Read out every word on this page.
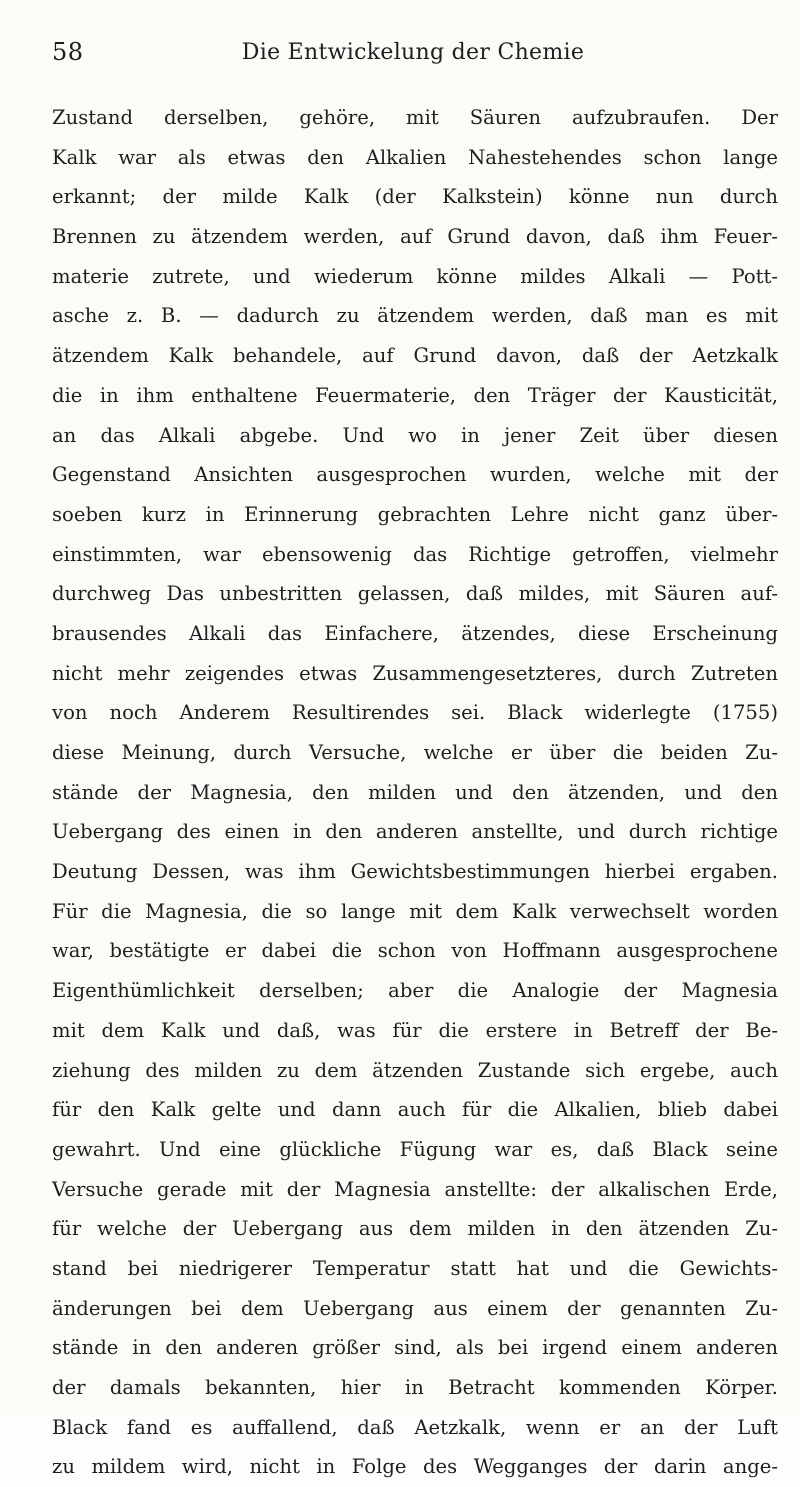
58	Die Entwickelung der Chemie
Zustand derselben, gehöre, mit Säuren aufzubraufen. Der
Kalk war als etwas den Alkalien Nahestehendes schon lange
erkannt; der milde Kalk (der Kalkstein) könne nun durch
Brennen zu ätzendem werden, auf Grund davon, daß ihm Feuer-
materie zutrete, und wiederum könne mildes Alkali — Pott-
asche z. B. — dadurch zu ätzendem werden, daß man es mit
ätzendem Kalk behandele, auf Grund davon, daß der Aetzkalk
die in ihm enthaltene Feuermaterie, den Träger der Kausticität,
an das Alkali abgebe. Und wo in jener Zeit über diesen
Gegenstand Ansichten ausgesprochen wurden, welche mit der
soeben kurz in Erinnerung gebrachten Lehre nicht ganz über-
einstimmten, war ebensowenig das Richtige getroffen, vielmehr
durchweg Das unbestritten gelassen, daß mildes, mit Säuren auf-
brausendes Alkali das Einfachere, ätzendes, diese Erscheinung
nicht mehr zeigendes etwas Zusammengesetzteres, durch Zutreten
von noch Anderem Resultirendes sei. Black widerlegte (1755)
diese Meinung, durch Versuche, welche er über die beiden Zu-
stände der Magnesia, den milden und den ätzenden, und den
Uebergang des einen in den anderen anstellte, und durch richtige
Deutung Dessen, was ihm Gewichtsbestimmungen hierbei ergaben.
Für die Magnesia, die so lange mit dem Kalk verwechselt worden
war, bestätigte er dabei die schon von Hoffmann ausgesprochene
Eigenthümlichkeit derselben; aber die Analogie der Magnesia
mit dem Kalk und daß, was für die erstere in Betreff der Be-
ziehung des milden zu dem ätzenden Zustande sich ergebe, auch
für den Kalk gelte und dann auch für die Alkalien, blieb dabei
gewahrt. Und eine glückliche Fügung war es, daß Black seine
Versuche gerade mit der Magnesia anstellte: der alkalischen Erde,
für welche der Uebergang aus dem milden in den ätzenden Zu-
stand bei niedrigerer Temperatur statt hat und die Gewichts-
änderungen bei dem Uebergang aus einem der genannten Zu-
stände in den anderen größer sind, als bei irgend einem anderen
der damals bekannten, hier in Betracht kommenden Körper.
Black fand es auffallend, daß Aetzkalk, wenn er an der Luft
zu mildem wird, nicht in Folge des Wegganges der darin ange-
